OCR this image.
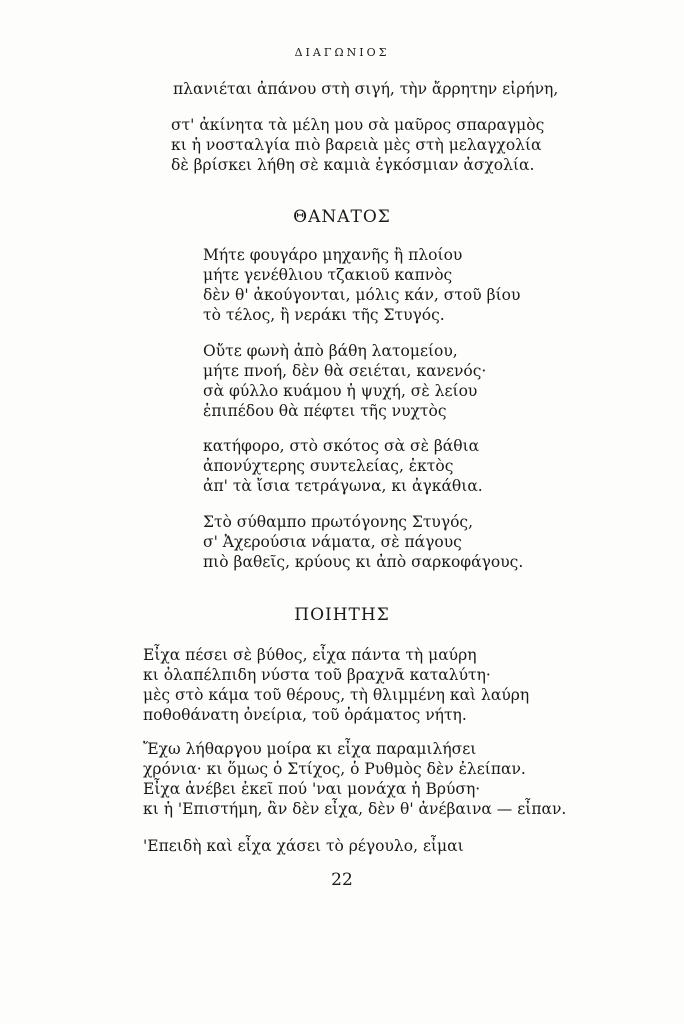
ΔΙΑΓΩΝΙΟΣ
πλανιέται ἀπάνου στὴ σιγή, τὴν ἄρρητην εἰρήνη,
στ' ἀκίνητα τὰ μέλη μου σὰ μαῦρος σπαραγμὸς
κι ἡ νοσταλγία πιὸ βαρειὰ μὲς στὴ μελαγχολία
δὲ βρίσκει λήθη σὲ καμιὰ ἐγκόσμιαν ἀσχολία.
ΘΑΝΑΤΟΣ
Μήτε φουγάρο μηχανῆς ἢ πλοίου
μήτε γενέθλιου τζακιοῦ καπνὸς
δὲν θ' ἀκούγονται, μόλις κάν, στοῦ βίου
τὸ τέλος, ἢ νεράκι τῆς Στυγός.
Οὔτε φωνὴ ἀπὸ βάθη λατομείου,
μήτε πνοή, δὲν θὰ σειέται, κανενός·
σὰ φύλλο κυάμου ἡ ψυχή, σὲ λείου
ἐπιπέδου θὰ πέφτει τῆς νυχτὸς
κατήφορο, στὸ σκότος σὰ σὲ βάθια
ἀπονύχτερης συντελείας, ἐκτὸς
ἀπ' τὰ ἴσια τετράγωνα, κι ἀγκάθια.
Στὸ σύθαμπο πρωτόγονης Στυγός,
σ' Ἀχερούσια νάματα, σὲ πάγους
πιὸ βαθεῖς, κρύους κι ἀπὸ σαρκοφάγους.
ΠΟΙΗΤΗΣ
Εἶχα πέσει σὲ βύθος, εἶχα πάντα τὴ μαύρη
κι ὀλαπέλπιδη νύστα τοῦ βραχνᾶ καταλύτη·
μὲς στὸ κάμα τοῦ θέρους, τὴ θλιμμένη καὶ λαύρη
ποθοθάνατη ὀνείρια, τοῦ ὁράματος νήτη.
Ἔχω λήθαργου μοίρα κι εἶχα παραμιλήσει
χρόνια· κι ὅμως ὁ Στίχος, ὁ Ρυθμὸς δὲν ἐλείπαν.
Εἶχα ἀνέβει ἐκεῖ πού 'ναι μονάχα ἡ Βρύση·
κι ἡ 'Επιστήμη, ἂν δὲν εἶχα, δὲν θ' ἀνέβαινα — εἶπαν.
'Επειδὴ καὶ εἶχα χάσει τὸ ρέγουλο, εἶμαι
22
